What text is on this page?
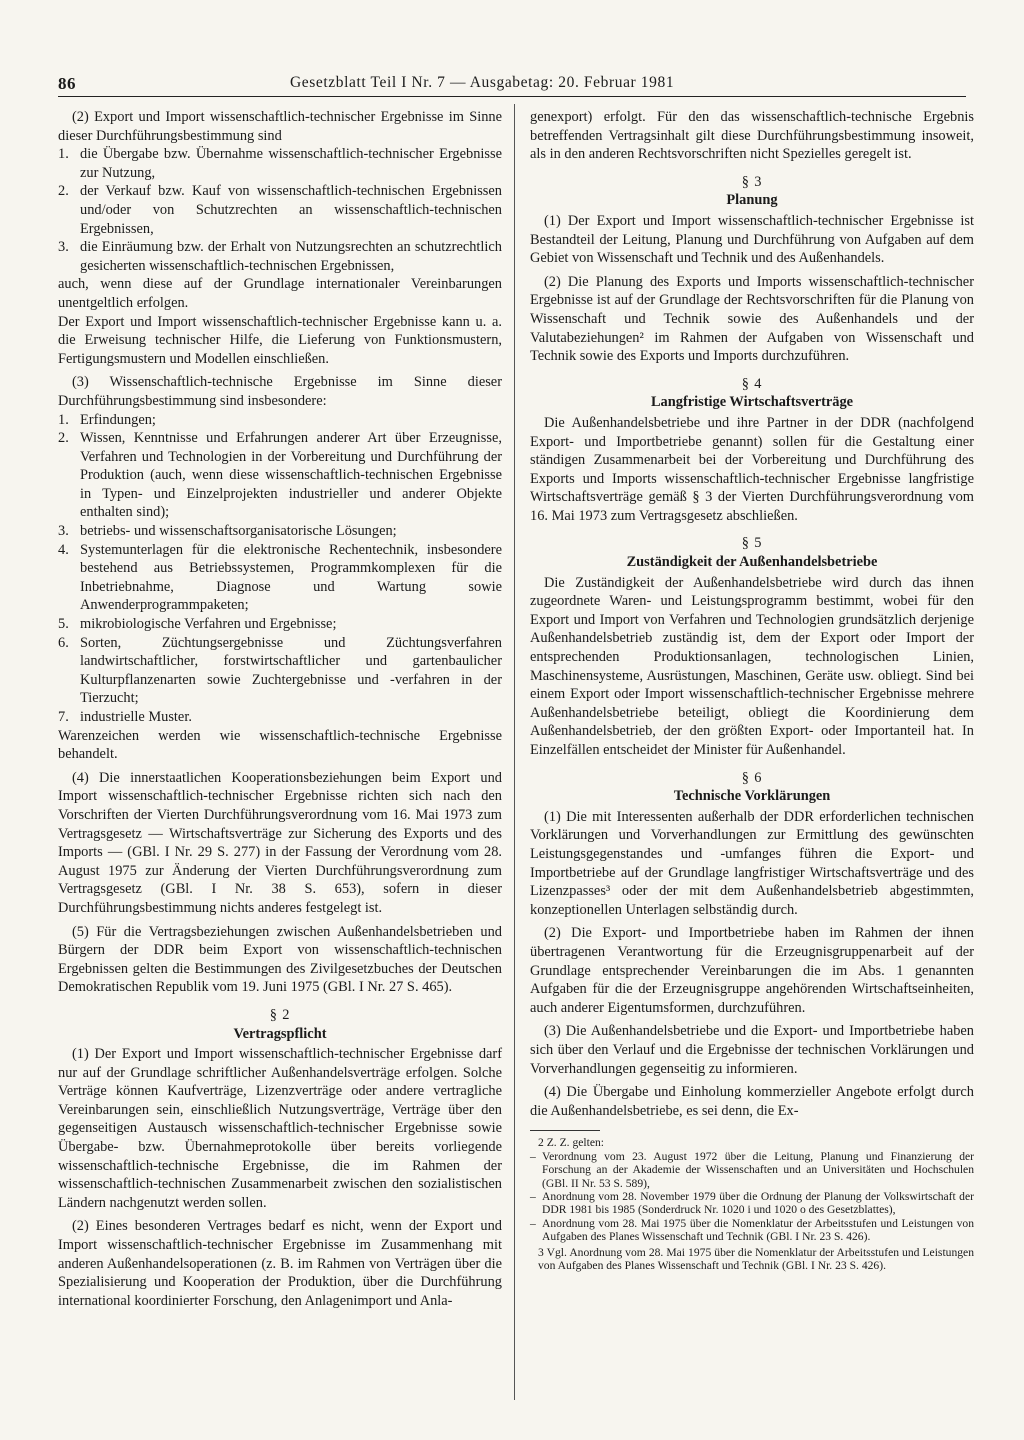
86	Gesetzblatt Teil I Nr. 7 — Ausgabetag: 20. Februar 1981

(2) Export und Import wissenschaftlich-technischer Ergebnisse im Sinne dieser Durchführungsbestimmung sind

1. die Übergabe bzw. Übernahme wissenschaftlich-technischer Ergebnisse zur Nutzung,
2. der Verkauf bzw. Kauf von wissenschaftlich-technischen Ergebnissen und/oder von Schutzrechten an wissenschaftlich-technischen Ergebnissen,
3. die Einräumung bzw. der Erhalt von Nutzungsrechten an schutzrechtlich gesicherten wissenschaftlich-technischen Ergebnissen,

auch, wenn diese auf der Grundlage internationaler Vereinbarungen unentgeltlich erfolgen.

Der Export und Import wissenschaftlich-technischer Ergebnisse kann u. a. die Erweisung technischer Hilfe, die Lieferung von Funktionsmustern, Fertigungsmustern und Modellen einschließen.

(3) Wissenschaftlich-technische Ergebnisse im Sinne dieser Durchführungsbestimmung sind insbesondere:

1. Erfindungen;
2. Wissen, Kenntnisse und Erfahrungen anderer Art über Erzeugnisse, Verfahren und Technologien in der Vorbereitung und Durchführung der Produktion (auch, wenn diese wissenschaftlich-technischen Ergebnisse in Typen- und Einzelprojekten industrieller und anderer Objekte enthalten sind);
3. betriebs- und wissenschaftsorganisatorische Lösungen;
4. Systemunterlagen für die elektronische Rechentechnik, insbesondere bestehend aus Betriebssystemen, Programmkomplexen für die Inbetriebnahme, Diagnose und Wartung sowie Anwenderprogrammpaketen;
5. mikrobiologische Verfahren und Ergebnisse;
6. Sorten, Züchtungsergebnisse und Züchtungsverfahren landwirtschaftlicher, forstwirtschaftlicher und gartenbaulicher Kulturpflanzenarten sowie Zuchtergebnisse und -verfahren in der Tierzucht;
7. industrielle Muster.

Warenzeichen werden wie wissenschaftlich-technische Ergebnisse behandelt.

(4) Die innerstaatlichen Kooperationsbeziehungen beim Export und Import wissenschaftlich-technischer Ergebnisse richten sich nach den Vorschriften der Vierten Durchführungsverordnung vom 16. Mai 1973 zum Vertragsgesetz — Wirtschaftsverträge zur Sicherung des Exports und des Imports — (GBl. I Nr. 29 S. 277) in der Fassung der Verordnung vom 28. August 1975 zur Änderung der Vierten Durchführungsverordnung zum Vertragsgesetz (GBl. I Nr. 38 S. 653), sofern in dieser Durchführungsbestimmung nichts anderes festgelegt ist.

(5) Für die Vertragsbeziehungen zwischen Außenhandelsbetrieben und Bürgern der DDR beim Export von wissenschaftlich-technischen Ergebnissen gelten die Bestimmungen des Zivilgesetzbuches der Deutschen Demokratischen Republik vom 19. Juni 1975 (GBl. I Nr. 27 S. 465).

§ 2
Vertragspflicht

(1) Der Export und Import wissenschaftlich-technischer Ergebnisse darf nur auf der Grundlage schriftlicher Außenhandelsverträge erfolgen. Solche Verträge können Kaufverträge, Lizenzverträge oder andere vertragliche Vereinbarungen sein, einschließlich Nutzungsverträge, Verträge über den gegenseitigen Austausch wissenschaftlich-technischer Ergebnisse sowie Übergabe- bzw. Übernahmeprotokolle über bereits vorliegende wissenschaftlich-technische Ergebnisse, die im Rahmen der wissenschaftlich-technischen Zusammenarbeit zwischen den sozialistischen Ländern nachgenutzt werden sollen.

(2) Eines besonderen Vertrages bedarf es nicht, wenn der Export und Import wissenschaftlich-technischer Ergebnisse im Zusammenhang mit anderen Außenhandelsoperationen (z. B. im Rahmen von Verträgen über die Spezialisierung und Kooperation der Produktion, über die Durchführung international koordinierter Forschung, den Anlagenimport und Anla-

genexport) erfolgt. Für den das wissenschaftlich-technische Ergebnis betreffenden Vertragsinhalt gilt diese Durchführungsbestimmung insoweit, als in den anderen Rechtsvorschriften nicht Spezielles geregelt ist.

§ 3
Planung

(1) Der Export und Import wissenschaftlich-technischer Ergebnisse ist Bestandteil der Leitung, Planung und Durchführung von Aufgaben auf dem Gebiet von Wissenschaft und Technik und des Außenhandels.

(2) Die Planung des Exports und Imports wissenschaftlich-technischer Ergebnisse ist auf der Grundlage der Rechtsvorschriften für die Planung von Wissenschaft und Technik sowie des Außenhandels und der Valutabeziehungen² im Rahmen der Aufgaben von Wissenschaft und Technik sowie des Exports und Imports durchzuführen.

§ 4
Langfristige Wirtschaftsverträge

Die Außenhandelsbetriebe und ihre Partner in der DDR (nachfolgend Export- und Importbetriebe genannt) sollen für die Gestaltung einer ständigen Zusammenarbeit bei der Vorbereitung und Durchführung des Exports und Imports wissenschaftlich-technischer Ergebnisse langfristige Wirtschaftsverträge gemäß § 3 der Vierten Durchführungsverordnung vom 16. Mai 1973 zum Vertragsgesetz abschließen.

§ 5
Zuständigkeit der Außenhandelsbetriebe

Die Zuständigkeit der Außenhandelsbetriebe wird durch das ihnen zugeordnete Waren- und Leistungsprogramm bestimmt, wobei für den Export und Import von Verfahren und Technologien grundsätzlich derjenige Außenhandelsbetrieb zuständig ist, dem der Export oder Import der entsprechenden Produktionsanlagen, technologischen Linien, Maschinensysteme, Ausrüstungen, Maschinen, Geräte usw. obliegt. Sind bei einem Export oder Import wissenschaftlich-technischer Ergebnisse mehrere Außenhandelsbetriebe beteiligt, obliegt die Koordinierung dem Außenhandelsbetrieb, der den größten Export- oder Importanteil hat. In Einzelfällen entscheidet der Minister für Außenhandel.

§ 6
Technische Vorklärungen

(1) Die mit Interessenten außerhalb der DDR erforderlichen technischen Vorklärungen und Vorverhandlungen zur Ermittlung des gewünschten Leistungsgegenstandes und -umfanges führen die Export- und Importbetriebe auf der Grundlage langfristiger Wirtschaftsverträge und des Lizenzpasses³ oder der mit dem Außenhandelsbetrieb abgestimmten, konzeptionellen Unterlagen selbständig durch.

(2) Die Export- und Importbetriebe haben im Rahmen der ihnen übertragenen Verantwortung für die Erzeugnisgruppenarbeit auf der Grundlage entsprechender Vereinbarungen die im Abs. 1 genannten Aufgaben für die der Erzeugnisgruppe angehörenden Wirtschaftseinheiten, auch anderer Eigentumsformen, durchzuführen.

(3) Die Außenhandelsbetriebe und die Export- und Importbetriebe haben sich über den Verlauf und die Ergebnisse der technischen Vorklärungen und Vorverhandlungen gegenseitig zu informieren.

(4) Die Übergabe und Einholung kommerzieller Angebote erfolgt durch die Außenhandelsbetriebe, es sei denn, die Ex-

2 Z. Z. gelten:

– Verordnung vom 23. August 1972 über die Leitung, Planung und Finanzierung der Forschung an der Akademie der Wissenschaften und an Universitäten und Hochschulen (GBl. II Nr. 53 S. 589),
– Anordnung vom 28. November 1979 über die Ordnung der Planung der Volkswirtschaft der DDR 1981 bis 1985 (Sonderdruck Nr. 1020 i und 1020 o des Gesetzblattes),
– Anordnung vom 28. Mai 1975 über die Nomenklatur der Arbeitsstufen und Leistungen von Aufgaben des Planes Wissenschaft und Technik (GBl. I Nr. 23 S. 426).

3 Vgl. Anordnung vom 28. Mai 1975 über die Nomenklatur der Arbeitsstufen und Leistungen von Aufgaben des Planes Wissenschaft und Technik (GBl. I Nr. 23 S. 426).
